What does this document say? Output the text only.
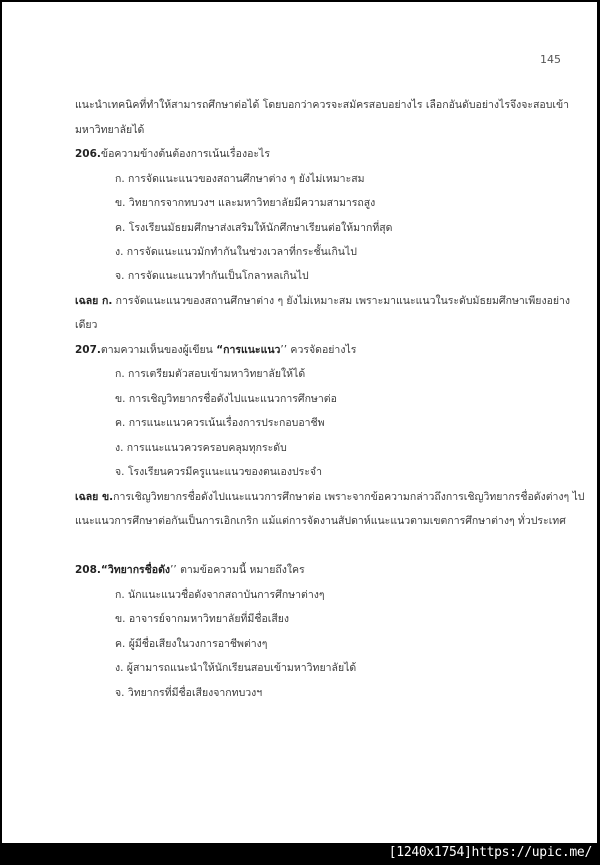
145
แนะนำเทคนิคที่ทำให้สามารถศึกษาต่อได้ โดยบอกว่าควรจะสมัครสอบอย่างไร เลือกอันดับอย่างไรจึงจะสอบเข้า
มหาวิทยาลัยได้
206.ข้อความข้างต้นต้องการเน้นเรื่องอะไร
ก. การจัดแนะแนวของสถานศึกษาต่าง ๆ ยังไม่เหมาะสม
ข. วิทยากรจากทบวงฯ และมหาวิทยาลัยมีความสามารถสูง
ค. โรงเรียนมัธยมศึกษาส่งเสริมให้นักศึกษาเรียนต่อให้มากที่สุด
ง. การจัดแนะแนวมักทำกันในช่วงเวลาที่กระชั้นเกินไป
จ. การจัดแนะแนวทำกันเป็นโกลาหลเกินไป
เฉลย ก. การจัดแนะแนวของสถานศึกษาต่าง ๆ ยังไม่เหมาะสม เพราะมาแนะแนวในระดับมัธยมศึกษาเพียงอย่าง
เดียว
207.ตามความเห็นของผู้เขียน “การแนะแนว’’ ควรจัดอย่างไร
ก. การเตรียมตัวสอบเข้ามหาวิทยาลัยให้ได้
ข. การเชิญวิทยากรชื่อดังไปแนะแนวการศึกษาต่อ
ค. การแนะแนวควรเน้นเรื่องการประกอบอาชีพ
ง. การแนะแนวควรครอบคลุมทุกระดับ
จ. โรงเรียนควรมีครูแนะแนวของตนเองประจำ
เฉลย ข.การเชิญวิทยากรชื่อดังไปแนะแนวการศึกษาต่อ เพราะจากข้อความกล่าวถึงการเชิญวิทยากรชื่อดังต่างๆ ไป
แนะแนวการศึกษาต่อกันเป็นการเอิกเกริก แม้แต่การจัดงานสัปดาห์แนะแนวตามเขตการศึกษาต่างๆ ทั่วประเทศ
208.“วิทยากรชื่อดัง’’ ตามข้อความนี้ หมายถึงใคร
ก. นักแนะแนวชื่อดังจากสถาบันการศึกษาต่างๆ
ข. อาจารย์จากมหาวิทยาลัยที่มีชื่อเสียง
ค. ผู้มีชื่อเสียงในวงการอาชีพต่างๆ
ง. ผู้สามารถแนะนำให้นักเรียนสอบเข้ามหาวิทยาลัยได้
จ. วิทยากรที่มีชื่อเสียงจากทบวงฯ
[1240x1754]https://upic.me/
